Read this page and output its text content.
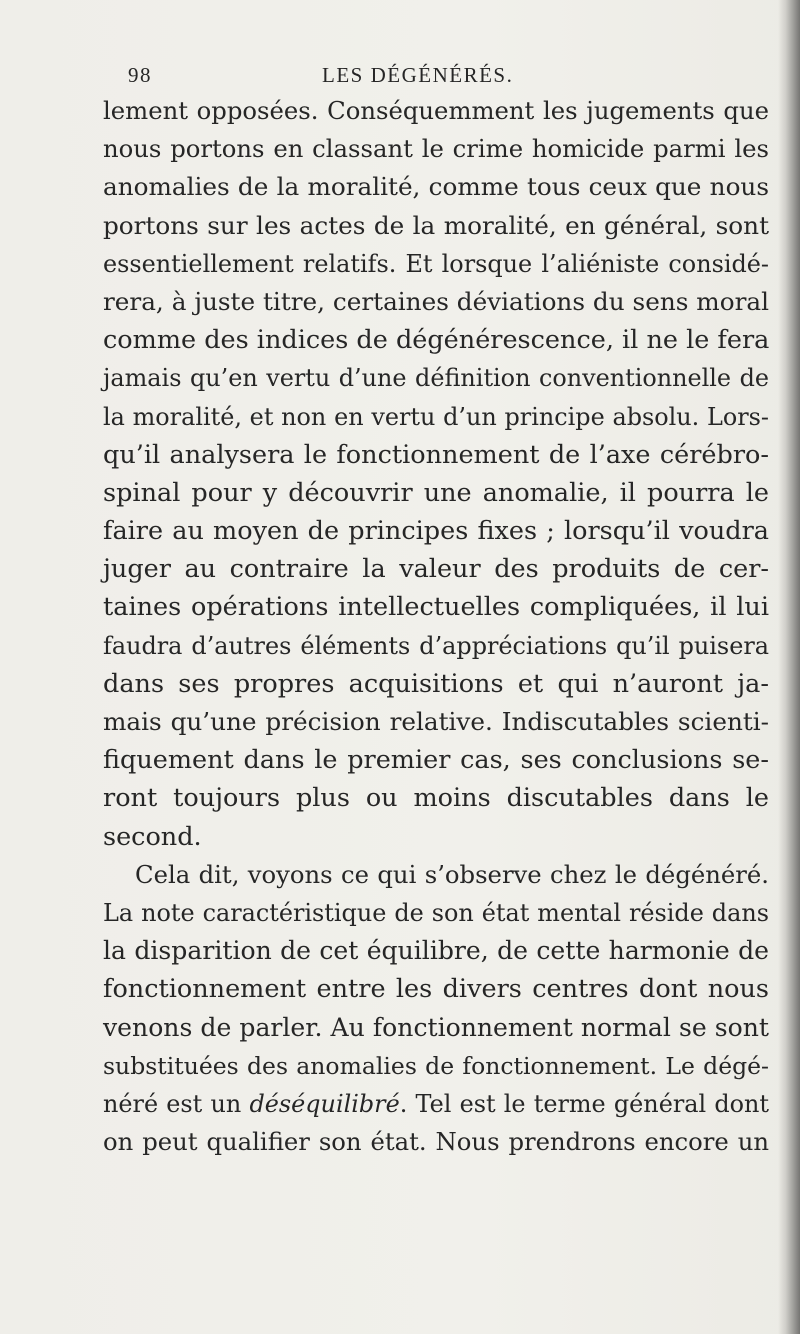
98	LES DÉGÉNÉRÉS.
lement opposées. Conséquemment les jugements que
nous portons en classant le crime homicide parmi les
anomalies de la moralité, comme tous ceux que nous
portons sur les actes de la moralité, en général, sont
essentiellement relatifs. Et lorsque l’aliéniste considé-
rera, à juste titre, certaines déviations du sens moral
comme des indices de dégénérescence, il ne le fera
jamais qu’en vertu d’une définition conventionnelle de
la moralité, et non en vertu d’un principe absolu. Lors-
qu’il analysera le fonctionnement de l’axe cérébro-
spinal pour y découvrir une anomalie, il pourra le
faire au moyen de principes fixes ; lorsqu’il voudra
juger au contraire la valeur des produits de cer-
taines opérations intellectuelles compliquées, il lui
faudra d’autres éléments d’appréciations qu’il puisera
dans ses propres acquisitions et qui n’auront ja-
mais qu’une précision relative. Indiscutables scienti-
fiquement dans le premier cas, ses conclusions se-
ront toujours plus ou moins discutables dans le
second.
Cela dit, voyons ce qui s’observe chez le dégénéré.
La note caractéristique de son état mental réside dans
la disparition de cet équilibre, de cette harmonie de
fonctionnement entre les divers centres dont nous
venons de parler. Au fonctionnement normal se sont
substituées des anomalies de fonctionnement. Le dégé-
néré est un déséquilibré. Tel est le terme général dont
on peut qualifier son état. Nous prendrons encore un
